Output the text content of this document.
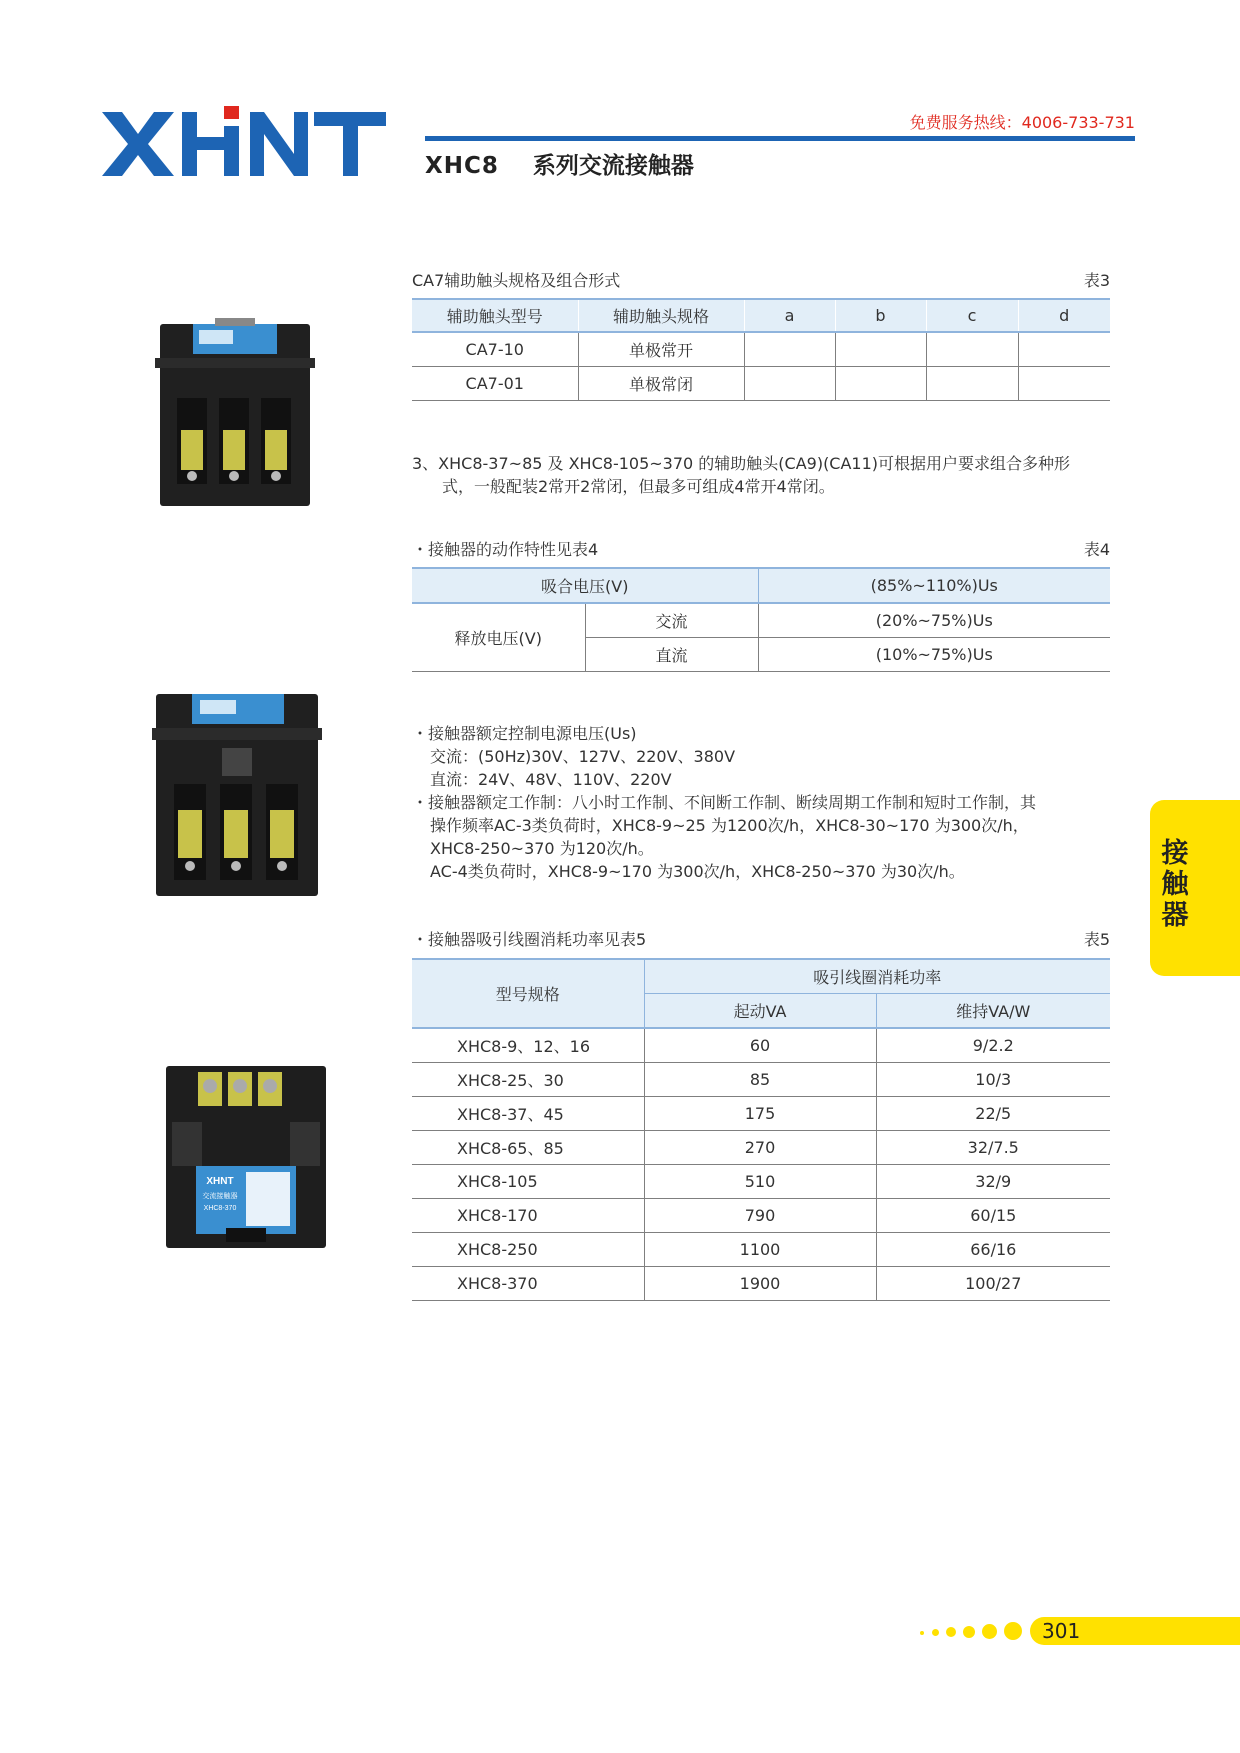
XHNT
免费服务热线：4006-733-731
XHC8 系列交流接触器
XHNT
交流接触器
XHC8-370
CA7辅助触头规格及组合形式	表3
辅助触头型号	辅助触头规格	a	b	c	d
CA7-10	单极常开				
CA7-01	单极常闭				
3、XHC8-37~85 及 XHC8-105~370 的辅助触头(CA9)(CA11)可根据用户要求组合多种形
式，一般配装2常开2常闭，但最多可组成4常开4常闭。
・接触器的动作特性见表4	表4
吸合电压(V)		(85%~110%)Us
释放电压(V)	交流	(20%~75%)Us
	直流	(10%~75%)Us
・接触器额定控制电源电压(Us)
交流：(50Hz)30V、127V、220V、380V
直流：24V、48V、110V、220V
・接触器额定工作制：八小时工作制、不间断工作制、断续周期工作制和短时工作制，其
操作频率AC-3类负荷时，XHC8-9~25 为1200次/h，XHC8-30~170 为300次/h，
XHC8-250~370 为120次/h。
AC-4类负荷时，XHC8-9~170 为300次/h，XHC8-250~370 为30次/h。
・接触器吸引线圈消耗功率见表5	表5
型号规格	吸引线圈消耗功率	
	起动VA	维持VA/W
XHC8-9、12、16	60	9/2.2
XHC8-25、30	85	10/3
XHC8-37、45	175	22/5
XHC8-65、85	270	32/7.5
XHC8-105	510	32/9
XHC8-170	790	60/15
XHC8-250	1100	66/16
XHC8-370	1900	100/27
接
触
器
301
